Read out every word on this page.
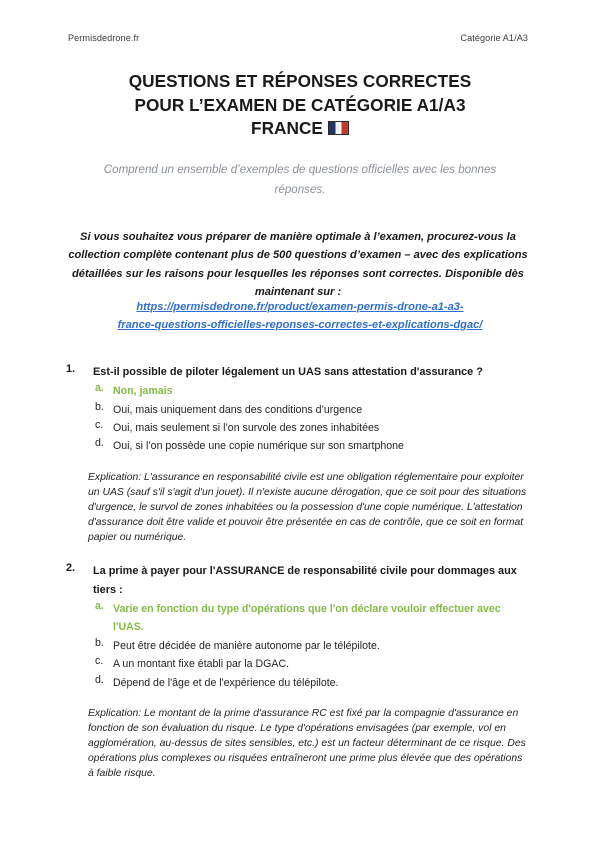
Permisdedrone.fr	Catégorie A1/A3
QUESTIONS ET RÉPONSES CORRECTES
POUR L’EXAMEN DE CATÉGORIE A1/A3
FRANCE
Comprend un ensemble d’exemples de questions officielles avec les bonnes réponses.
Si vous souhaitez vous préparer de manière optimale à l’examen, procurez-vous la collection complète contenant plus de 500 questions d’examen – avec des explications détaillées sur les raisons pour lesquelles les réponses sont correctes. Disponible dès maintenant sur :
https://permisdedrone.fr/product/examen-permis-drone-a1-a3-
france-questions-officielles-reponses-correctes-et-explications-dgac/
1.	Est-il possible de piloter légalement un UAS sans attestation d'assurance ?
a. Non, jamais
b. Oui, mais uniquement dans des conditions d’urgence
c. Oui, mais seulement si l’on survole des zones inhabitées
d. Oui, si l’on possède une copie numérique sur son smartphone
Explication: L'assurance en responsabilité civile est une obligation réglementaire pour exploiter un UAS (sauf s'il s'agit d'un jouet). Il n'existe aucune dérogation, que ce soit pour des situations d'urgence, le survol de zones inhabitées ou la possession d'une copie numérique. L'attestation d'assurance doit être valide et pouvoir être présentée en cas de contrôle, que ce soit en format papier ou numérique.
2.	La prime à payer pour l'ASSURANCE de responsabilité civile pour dommages aux tiers :
a. Varie en fonction du type d'opérations que l'on déclare vouloir effectuer avec l'UAS.
b. Peut être décidée de manière autonome par le télépilote.
c. A un montant fixe établi par la DGAC.
d. Dépend de l'âge et de l'expérience du télépilote.
Explication: Le montant de la prime d'assurance RC est fixé par la compagnie d'assurance en fonction de son évaluation du risque. Le type d'opérations envisagées (par exemple, vol en agglomération, au-dessus de sites sensibles, etc.) est un facteur déterminant de ce risque. Des opérations plus complexes ou risquées entraîneront une prime plus élevée que des opérations à faible risque.
